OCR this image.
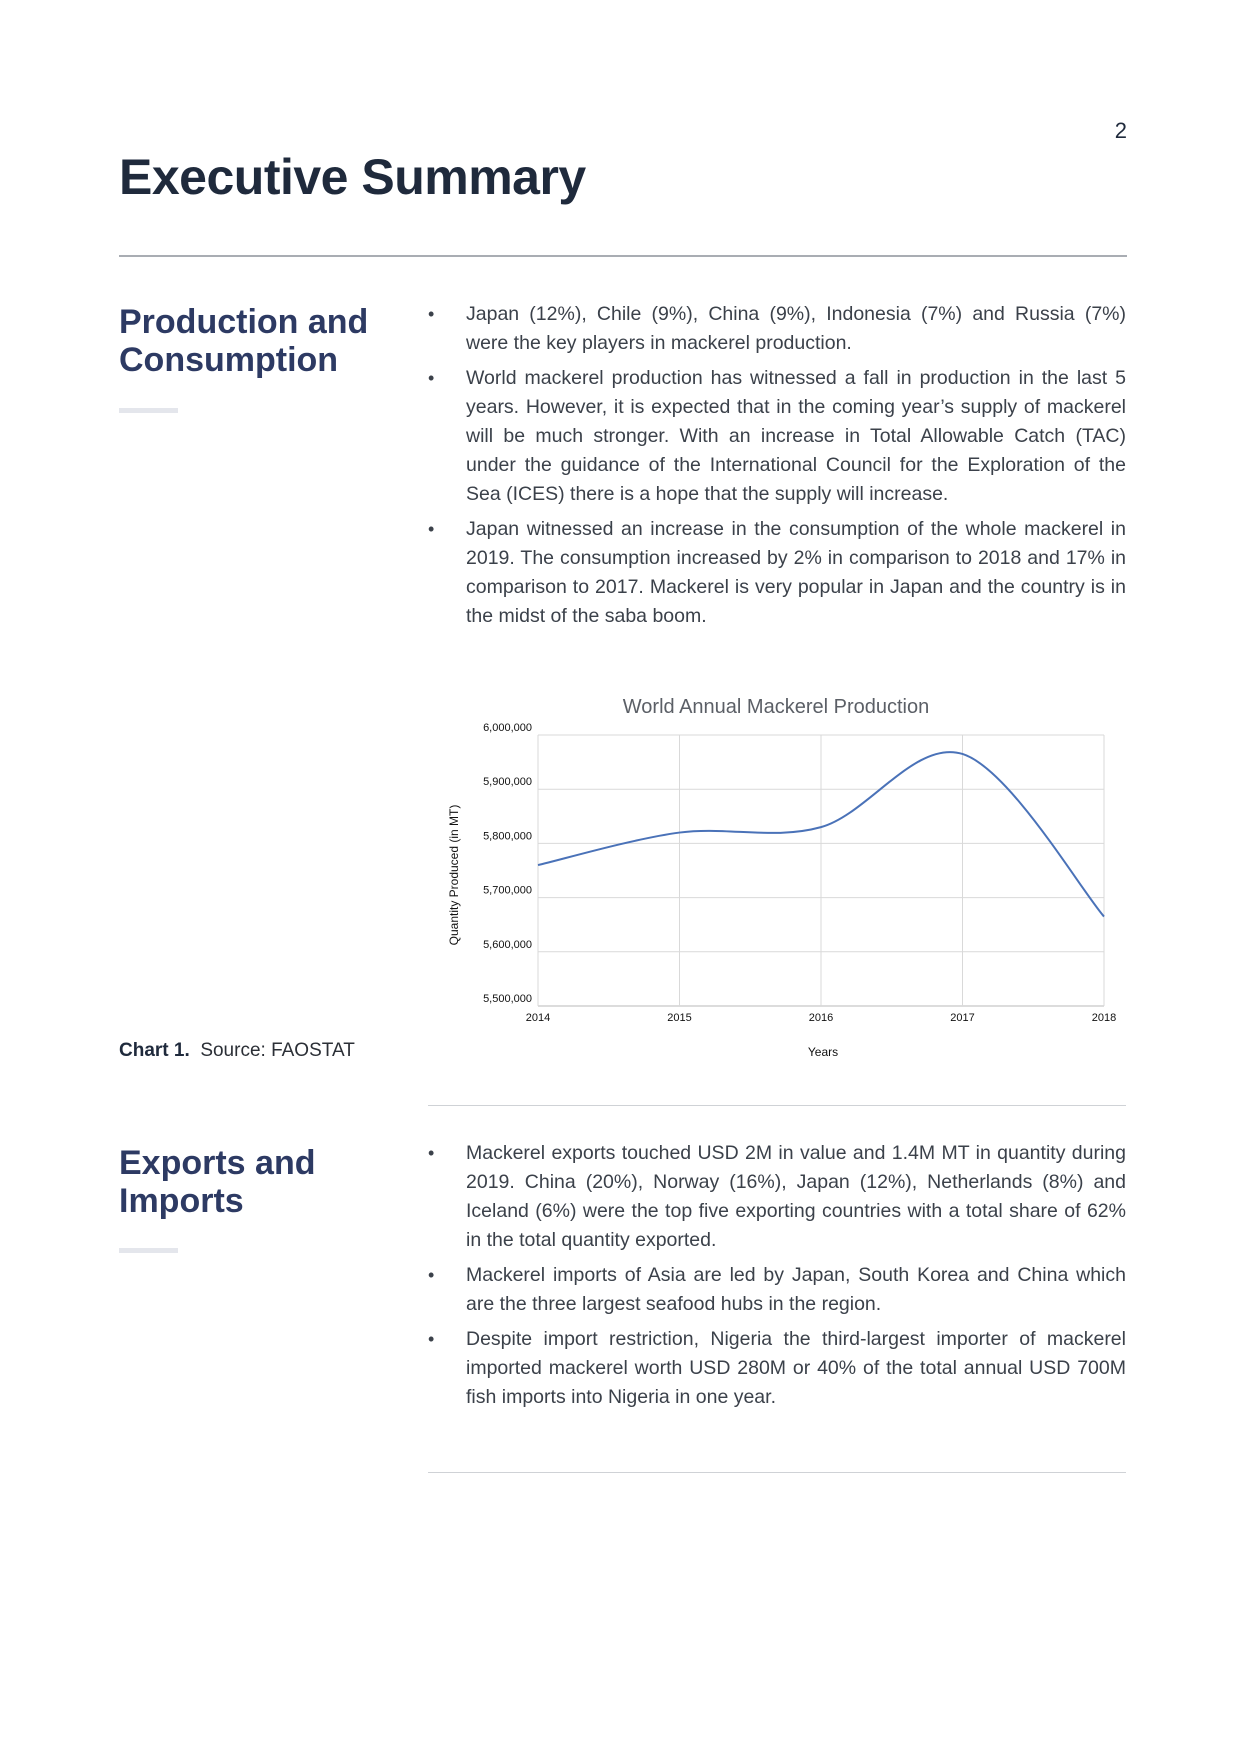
2
Executive Summary
Production and Consumption
•	Japan (12%), Chile (9%), China (9%), Indonesia (7%) and Russia (7%) were the key players in mackerel production.
•	World mackerel production has witnessed a fall in production in the last 5 years. However, it is expected that in the coming year’s supply of mackerel will be much stronger. With an increase in Total Allowable Catch (TAC) under the guidance of the International Council for the Exploration of the Sea (ICES) there is a hope that the supply will increase.
•	Japan witnessed an increase in the consumption of the whole mackerel in 2019. The consumption increased by 2% in comparison to 2018 and 17% in comparison to 2017. Mackerel is very popular in Japan and the country is in the midst of the saba boom.
World Annual Mackerel Production
Quantity Produced (in MT)
Years
5,500,000
5,600,000
5,700,000
5,800,000
5,900,000
6,000,000
2014	2015	2016	2017	2018
Chart 1. Source: FAOSTAT
Exports and Imports
•	Mackerel exports touched USD 2M in value and 1.4M MT in quantity during 2019. China (20%), Norway (16%), Japan (12%), Netherlands (8%) and Iceland (6%) were the top five exporting countries with a total share of 62% in the total quantity exported.
•	Mackerel imports of Asia are led by Japan, South Korea and China which are the three largest seafood hubs in the region.
•	Despite import restriction, Nigeria the third-largest importer of mackerel imported mackerel worth USD 280M or 40% of the total annual USD 700M fish imports into Nigeria in one year.
